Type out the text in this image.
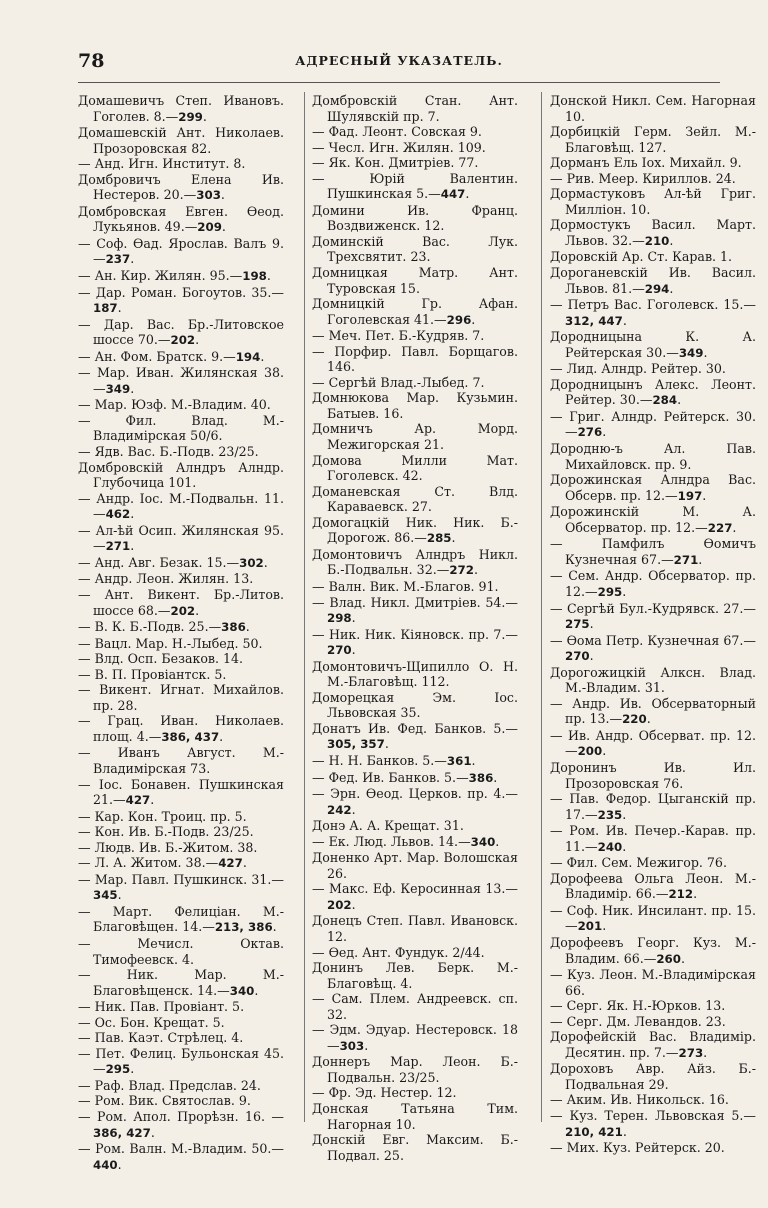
78	АДРЕСНЫЙ УКАЗАТЕЛЬ.

Домашевичъ Степ. Ивановъ. Гоголев. 8.—299.

Домашевскій Ант. Николаев. Прозоровская 82.

— Анд. Игн. Институт. 8.

Домбровичъ Елена Ив. Нестеров. 20.—303.

Домбровская Евген. Өеод. Лукьянов. 49.—209.

— Соф. Өад. Ярослав. Валъ 9.—237.

— Ан. Кир. Жилян. 95.—198.

— Дар. Роман. Богоутов. 35.—187.

— Дар. Вас. Бр.-Литовское шоссе 70.—202.

— Ан. Фом. Братск. 9.—194.

— Мар. Иван. Жилянская 38.—349.

— Мар. Юзф. М.-Владим. 40.

— Фил. Влад. М.-Владимірская 50/6.

— Ядв. Вас. Б.-Подв. 23/25.

Домбровскій Алндръ Алндр. Глубочица 101.

— Андр. Іос. М.-Подвальн. 11.—462.

— Ал-ѣй Осип. Жилянская 95.—271.

— Анд. Авг. Безак. 15.—302.

— Андр. Леон. Жилян. 13.

— Ант. Викент. Бр.-Литов. шоссе 68.—202.

— В. К. Б.-Подв. 25.—386.

— Вацл. Мар. Н.-Лыбед. 50.

— Влд. Осп. Безаков. 14.

— В. П. Провіантск. 5.

— Викент. Игнат. Михайлов. пр. 28.

— Грац. Иван. Николаев. площ. 4.—386, 437.

— Иванъ Август. М.-Владимірская 73.

— Іос. Бонавен. Пушкинская 21.—427.

— Кар. Кон. Троиц. пр. 5.

— Кон. Ив. Б.-Подв. 23/25.

— Людв. Ив. Б.-Житом. 38.

— Л. А. Житом. 38.—427.

— Мар. Павл. Пушкинск. 31.—345.

— Март. Фелиціан. М.-Благовѣщен. 14.—213, 386.

— Мечисл. Октав. Тимофеевск. 4.

— Ник. Мар. М.-Благовѣщенск. 14.—340.

— Ник. Пав. Провіант. 5.

— Ос. Бон. Крещат. 5.

— Пав. Каэт. Стрѣлец. 4.

— Пет. Фелиц. Бульонская 45.—295.

— Раф. Влад. Предслав. 24.

— Ром. Вик. Святослав. 9.

— Ром. Апол. Прорѣзн. 16. —386, 427.

— Ром. Валн. М.-Владим. 50.—440.

Домбровскій Стан. Ант. Шулявскій пр. 7.

— Фад. Леонт. Совская 9.

— Чесл. Игн. Жилян. 109.

— Як. Кон. Дмитріев. 77.

— Юрій Валентин. Пушкинская 5.—447.

Домини Ив. Франц. Воздвиженск. 12.

Доминскій Вас. Лук. Трехсвятит. 23.

Домницкая Матр. Ант. Туровская 15.

Домницкій Гр. Афан. Гоголевская 41.—296.

— Меч. Пет. Б.-Кудряв. 7.

— Порфир. Павл. Борщагов. 146.

— Сергѣй Влад.-Лыбед. 7.

Домнюкова Мар. Кузьмин. Батыев. 16.

Домничъ Ар. Морд. Межигорская 21.

Домова Милли Мат. Гоголевск. 42.

Доманевская Ст. Влд. Караваевск. 27.

Домогацкій Ник. Ник. Б.-Дорогож. 86.—285.

Домонтовичъ Алндръ Никл. Б.-Подвальн. 32.—272.

— Валн. Вик. М.-Благов. 91.

— Влад. Никл. Дмитріев. 54.—298.

— Ник. Ник. Кіяновск. пр. 7.—270.

Домонтовичъ-Щипилло О. Н. М.-Благовѣщ. 112.

Доморецкая Эм. Іос. Львовская 35.

Донатъ Ив. Фед. Банков. 5.—305, 357.

— Н. Н. Банков. 5.—361.

— Фед. Ив. Банков. 5.—386.

— Эрн. Өеод. Церков. пр. 4.—242.

Донэ А. А. Крещат. 31.

— Ек. Люд. Львов. 14.—340.

Доненко Арт. Мар. Волошская 26.

— Макс. Еф. Керосинная 13.—202.

Донецъ Степ. Павл. Ивановск. 12.

— Өед. Ант. Фундук. 2/44.

Донинъ Лев. Берк. М.-Благовѣщ. 4.

— Сам. Плем. Андреевск. сп. 32.

— Эдм. Эдуар. Нестеровск. 18 —303.

Доннеръ Мар. Леон. Б.-Подвальн. 23/25.

— Фр. Эд. Нестер. 12.

Донская Татьяна Тим. Нагорная 10.

Донскій Евг. Максим. Б.-Подвал. 25.

Донской Никл. Сем. Нагорная 10.

Дорбицкій Герм. Зейл. М.-Благовѣщ. 127.

Дорманъ Ель Іох. Михайл. 9.

— Рив. Меер. Кириллов. 24.

Дормастуковъ Ал-ѣй Григ. Милліон. 10.

Дормостукъ Васил. Март. Львов. 32.—210.

Доровскій Ар. Ст. Карав. 1.

Дороганевскій Ив. Васил. Львов. 81.—294.

— Петръ Вас. Гоголевск. 15.—312, 447.

Дородницына К. А. Рейтерская 30.—349.

— Лид. Алндр. Рейтер. 30.

Дородницынъ Алекс. Леонт. Рейтер. 30.—284.

— Григ. Алндр. Рейтерск. 30.—276.

Дородню-ъ Ал. Пав. Михайловск. пр. 9.

Дорожинская Алндра Вас. Обсерв. пр. 12.—197.

Дорожинскій М. А. Обсерватор. пр. 12.—227.

— Памфилъ Өомичъ Кузнечная 67.—271.

— Сем. Андр. Обсерватор. пр. 12.—295.

— Сергѣй Бул.-Кудрявск. 27.—275.

— Өома Петр. Кузнечная 67.—270.

Дорогожицкій Алкcн. Влад. М.-Владим. 31.

— Андр. Ив. Обсерваторный пр. 13.—220.

— Ив. Андр. Обсерват. пр. 12.—200.

Доронинъ Ив. Ил. Прозоровская 76.

— Пав. Федор. Цыганскій пр. 17.—235.

— Ром. Ив. Печер.-Карав. пр. 11.—240.

— Фил. Сем. Межигор. 76.

Дорофеева Ольга Леон. М.-Владимір. 66.—212.

— Соф. Ник. Инсилант. пр. 15.—201.

Дорофеевъ Георг. Куз. М.-Владим. 66.—260.

— Куз. Леон. М.-Владимірская 66.

— Серг. Як. Н.-Юрков. 13.

— Серг. Дм. Левандов. 23.

Дорофейскій Вас. Владимір. Десятин. пр. 7.—273.

Дороховъ Авр. Айз. Б.-Подвальная 29.

— Аким. Ив. Никольск. 16.

— Куз. Терен. Львовская 5.—210, 421.

— Мих. Куз. Рейтерск. 20.
